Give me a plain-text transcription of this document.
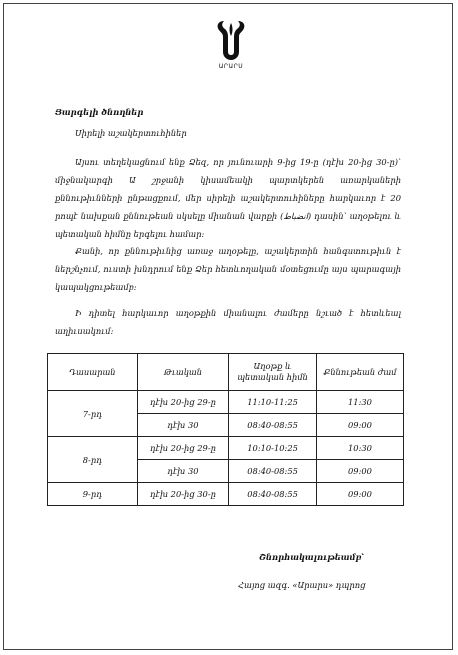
ԱՐԱՐՍ
Յարգելի ծնողներ
Սիրելի աշակերտուհիներ
Այսու տեղեկացնում ենք Ձեզ, որ յունուարի 9-ից 19-ը (դէխ 20-ից 30-ը)՝ միջնակարգի Ա շրջանի կիսամեակի պարտկերեն առարկաների քննութիւնների ընթացքում, մեր սիրելի աշակերտուհիները հարկաւոր է 20 րոպէ նախքան քննութեան սկսելը միանան վարքի (انضباط) դասին՝ աղօթելու և պետական հիմնը երգելու համար:
Քանի, որ քննութիւնից առաջ աղօթելը, աշակերտին հանգստութիւն է ներշնչում, ուստի խնդրում ենք Ձեր հետևողական մօտեցումը այս պարագայի կապակցութեամբ:
Ի դիտել հարկաւոր աղօթքին միանալու ժամերը նշւած է հետևեալ աղիւսակում:
Դասարան	Թւական	Աղօթք և պետական հիմն	Քննութեան ժամ
7-րդ	դէխ 20-ից 29-ը	11:10-11:25	11:30
	դէխ 30	08:40-08:55	09:00
8-րդ	դէխ 20-ից 29-ը	10:10-10:25	10:30
	դէխ 30	08:40-08:55	09:00
9-րդ	դէխ 20-ից 30-ը	08:40-08:55	09:00
Շնորհակալութեամբ՝
Հայոց ազգ. «Արարս» դպրոց
